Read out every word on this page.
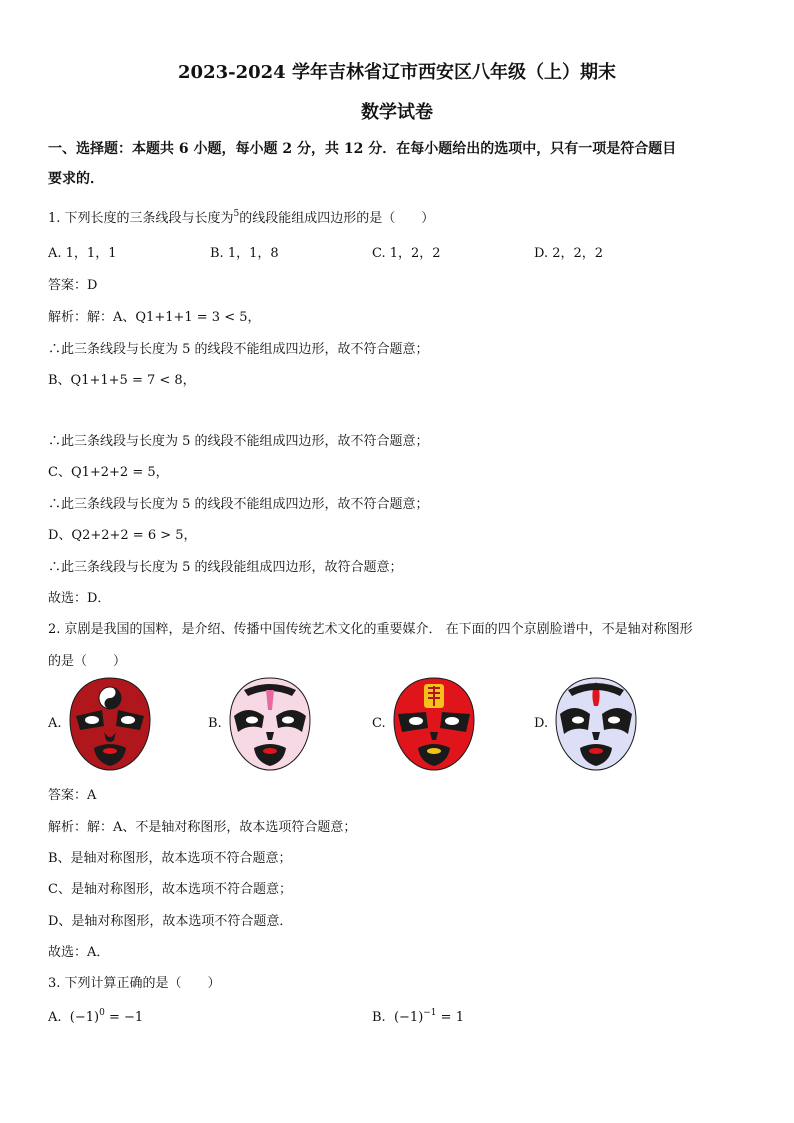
2023-2024 学年吉林省辽市西安区八年级（上）期末
数学试卷
一、选择题：本题共 6 小题，每小题 2 分，共 12 分．在每小题给出的选项中，只有一项是符合题目
要求的．
1. 下列长度的三条线段与长度为$^5$的线段能组成四边形的是（　　）
A. 1，1，1	B. 1，1，8	C. 1，2，2	D. 2，2，2
答案：D
解析：解：A、Q1+1+1 = 3 < 5，
∴此三条线段与长度为 5 的线段不能组成四边形，故不符合题意；
B、Q1+1+5 = 7 < 8，
∴此三条线段与长度为 5 的线段不能组成四边形，故不符合题意；
C、Q1+2+2 = 5，
∴此三条线段与长度为 5 的线段不能组成四边形，故不符合题意；
D、Q2+2+2 = 6 > 5，
∴此三条线段与长度为 5 的线段能组成四边形，故符合题意；
故选：D．
2. 京剧是我国的国粹，是介绍、传播中国传统艺术文化的重要媒介． 在下面的四个京剧脸谱中，不是轴对称图形
的是（　　）
A.	B.	C.	D.
答案：A
解析：解：A、不是轴对称图形，故本选项符合题意；
B、是轴对称图形，故本选项不符合题意；
C、是轴对称图形，故本选项不符合题意；
D、是轴对称图形，故本选项不符合题意．
故选：A．
3. 下列计算正确的是（　　）
A. $(-1)^0 = -1$	B. $(-1)^{-1} = 1$
